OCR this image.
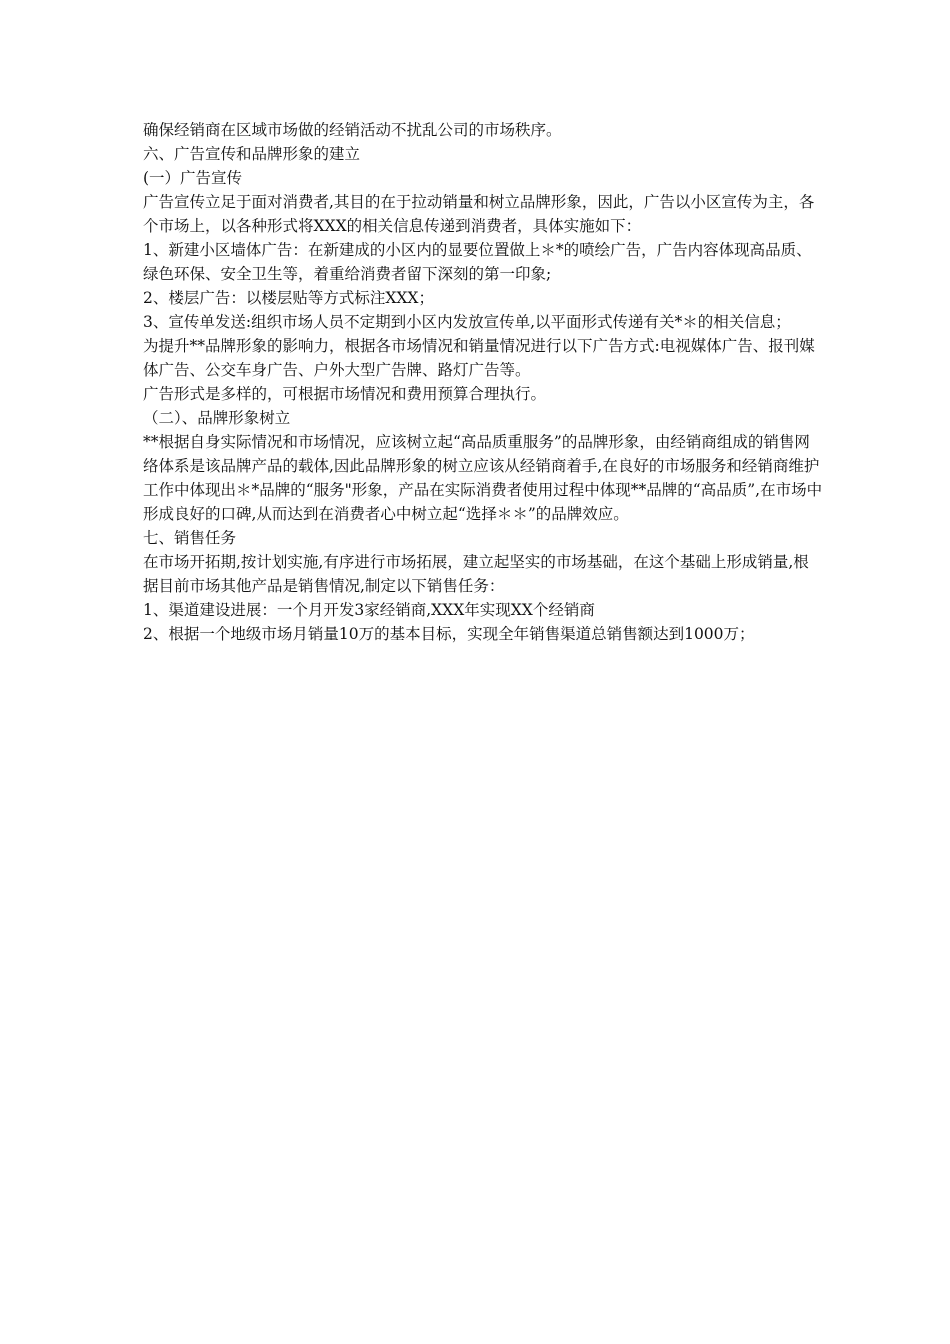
确保经销商在区域市场做的经销活动不扰乱公司的市场秩序。

六、广告宣传和品牌形象的建立

(一）广告宣传

广告宣传立足于面对消费者,其目的在于拉动销量和树立品牌形象，因此，广告以小区宣传为主，各个市场上，以各种形式将XXX的相关信息传递到消费者，具体实施如下：

1、新建小区墙体广告：在新建成的小区内的显要位置做上＊*的喷绘广告，广告内容体现高品质、绿色环保、安全卫生等，着重给消费者留下深刻的第一印象;

2、楼层广告：以楼层贴等方式标注XXX；

3、宣传单发送:组织市场人员不定期到小区内发放宣传单,以平面形式传递有关*＊的相关信息；

为提升**品牌形象的影响力，根据各市场情况和销量情况进行以下广告方式:电视媒体广告、报刊媒体广告、公交车身广告、户外大型广告牌、路灯广告等。

广告形式是多样的，可根据市场情况和费用预算合理执行。

（二）、品牌形象树立

**根据自身实际情况和市场情况，应该树立起“高品质重服务”的品牌形象，由经销商组成的销售网络体系是该品牌产品的载体,因此品牌形象的树立应该从经销商着手,在良好的市场服务和经销商维护工作中体现出＊*品牌的“服务"形象，产品在实际消费者使用过程中体现**品牌的“高品质”,在市场中形成良好的口碑,从而达到在消费者心中树立起“选择＊＊”的品牌效应。

七、销售任务

在市场开拓期,按计划实施,有序进行市场拓展，建立起坚实的市场基础，在这个基础上形成销量,根据目前市场其他产品是销售情况,制定以下销售任务：

1、渠道建设进展：一个月开发3家经销商,XXX年实现XX个经销商

2、根据一个地级市场月销量10万的基本目标，实现全年销售渠道总销售额达到1000万；
